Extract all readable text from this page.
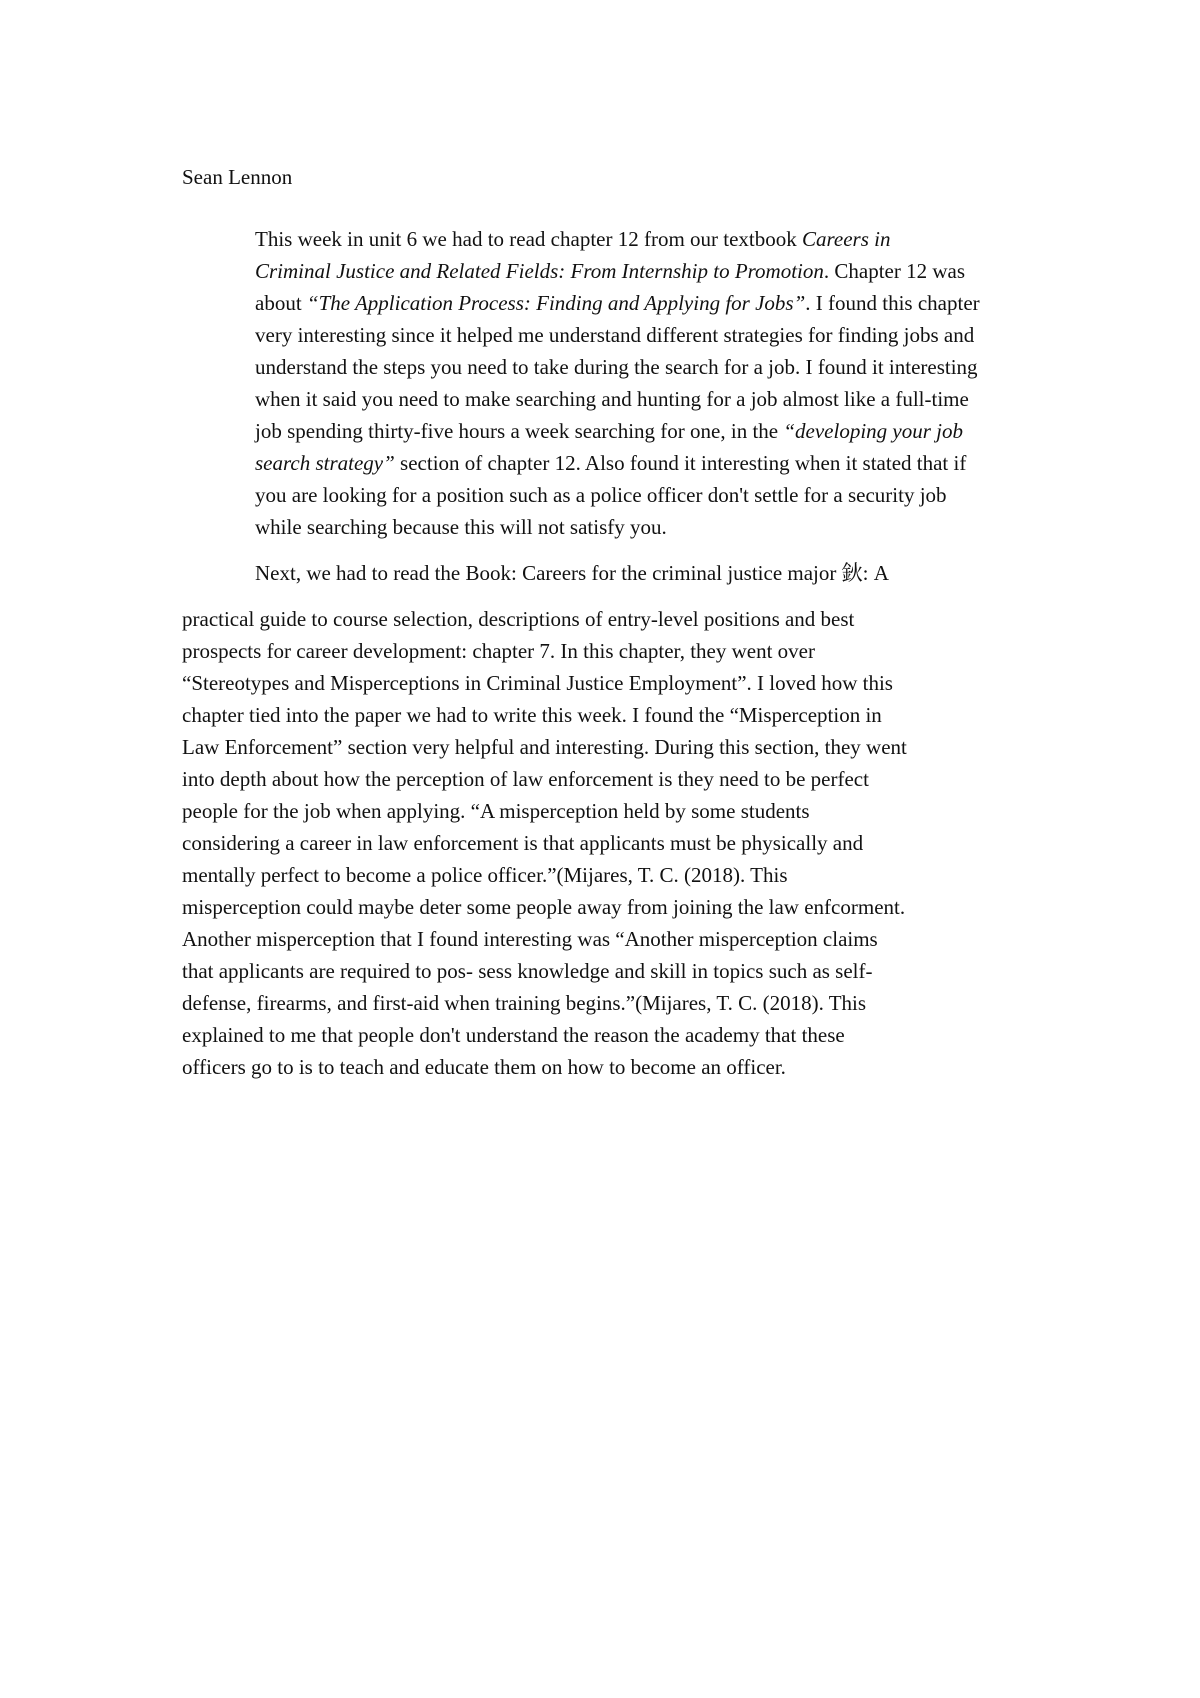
Sean Lennon

This week in unit 6 we had to read chapter 12 from our textbook Careers in
Criminal Justice and Related Fields: From Internship to Promotion. Chapter 12 was
about “The Application Process: Finding and Applying for Jobs”. I found this chapter
very interesting since it helped me understand different strategies for finding jobs and
understand the steps you need to take during the search for a job. I found it interesting
when it said you need to make searching and hunting for a job almost like a full-time
job spending thirty-five hours a week searching for one, in the “developing your job
search strategy” section of chapter 12. Also found it interesting when it stated that if
you are looking for a position such as a police officer don't settle for a security job
while searching because this will not satisfy you.

Next, we had to read the Book: Careers for the criminal justice major 鈥: A

practical guide to course selection, descriptions of entry-level positions and best
prospects for career development: chapter 7. In this chapter, they went over
“Stereotypes and Misperceptions in Criminal Justice Employment”. I loved how this
chapter tied into the paper we had to write this week. I found the “Misperception in
Law Enforcement” section very helpful and interesting. During this section, they went
into depth about how the perception of law enforcement is they need to be perfect
people for the job when applying. “A misperception held by some students
considering a career in law enforcement is that applicants must be physically and
mentally perfect to become a police officer.”(Mijares, T. C. (2018). This
misperception could maybe deter some people away from joining the law enfcorment.
Another misperception that I found interesting was “Another misperception claims
that applicants are required to pos- sess knowledge and skill in topics such as self-
defense, firearms, and first-aid when training begins.”(Mijares, T. C. (2018). This
explained to me that people don't understand the reason the academy that these
officers go to is to teach and educate them on how to become an officer.
